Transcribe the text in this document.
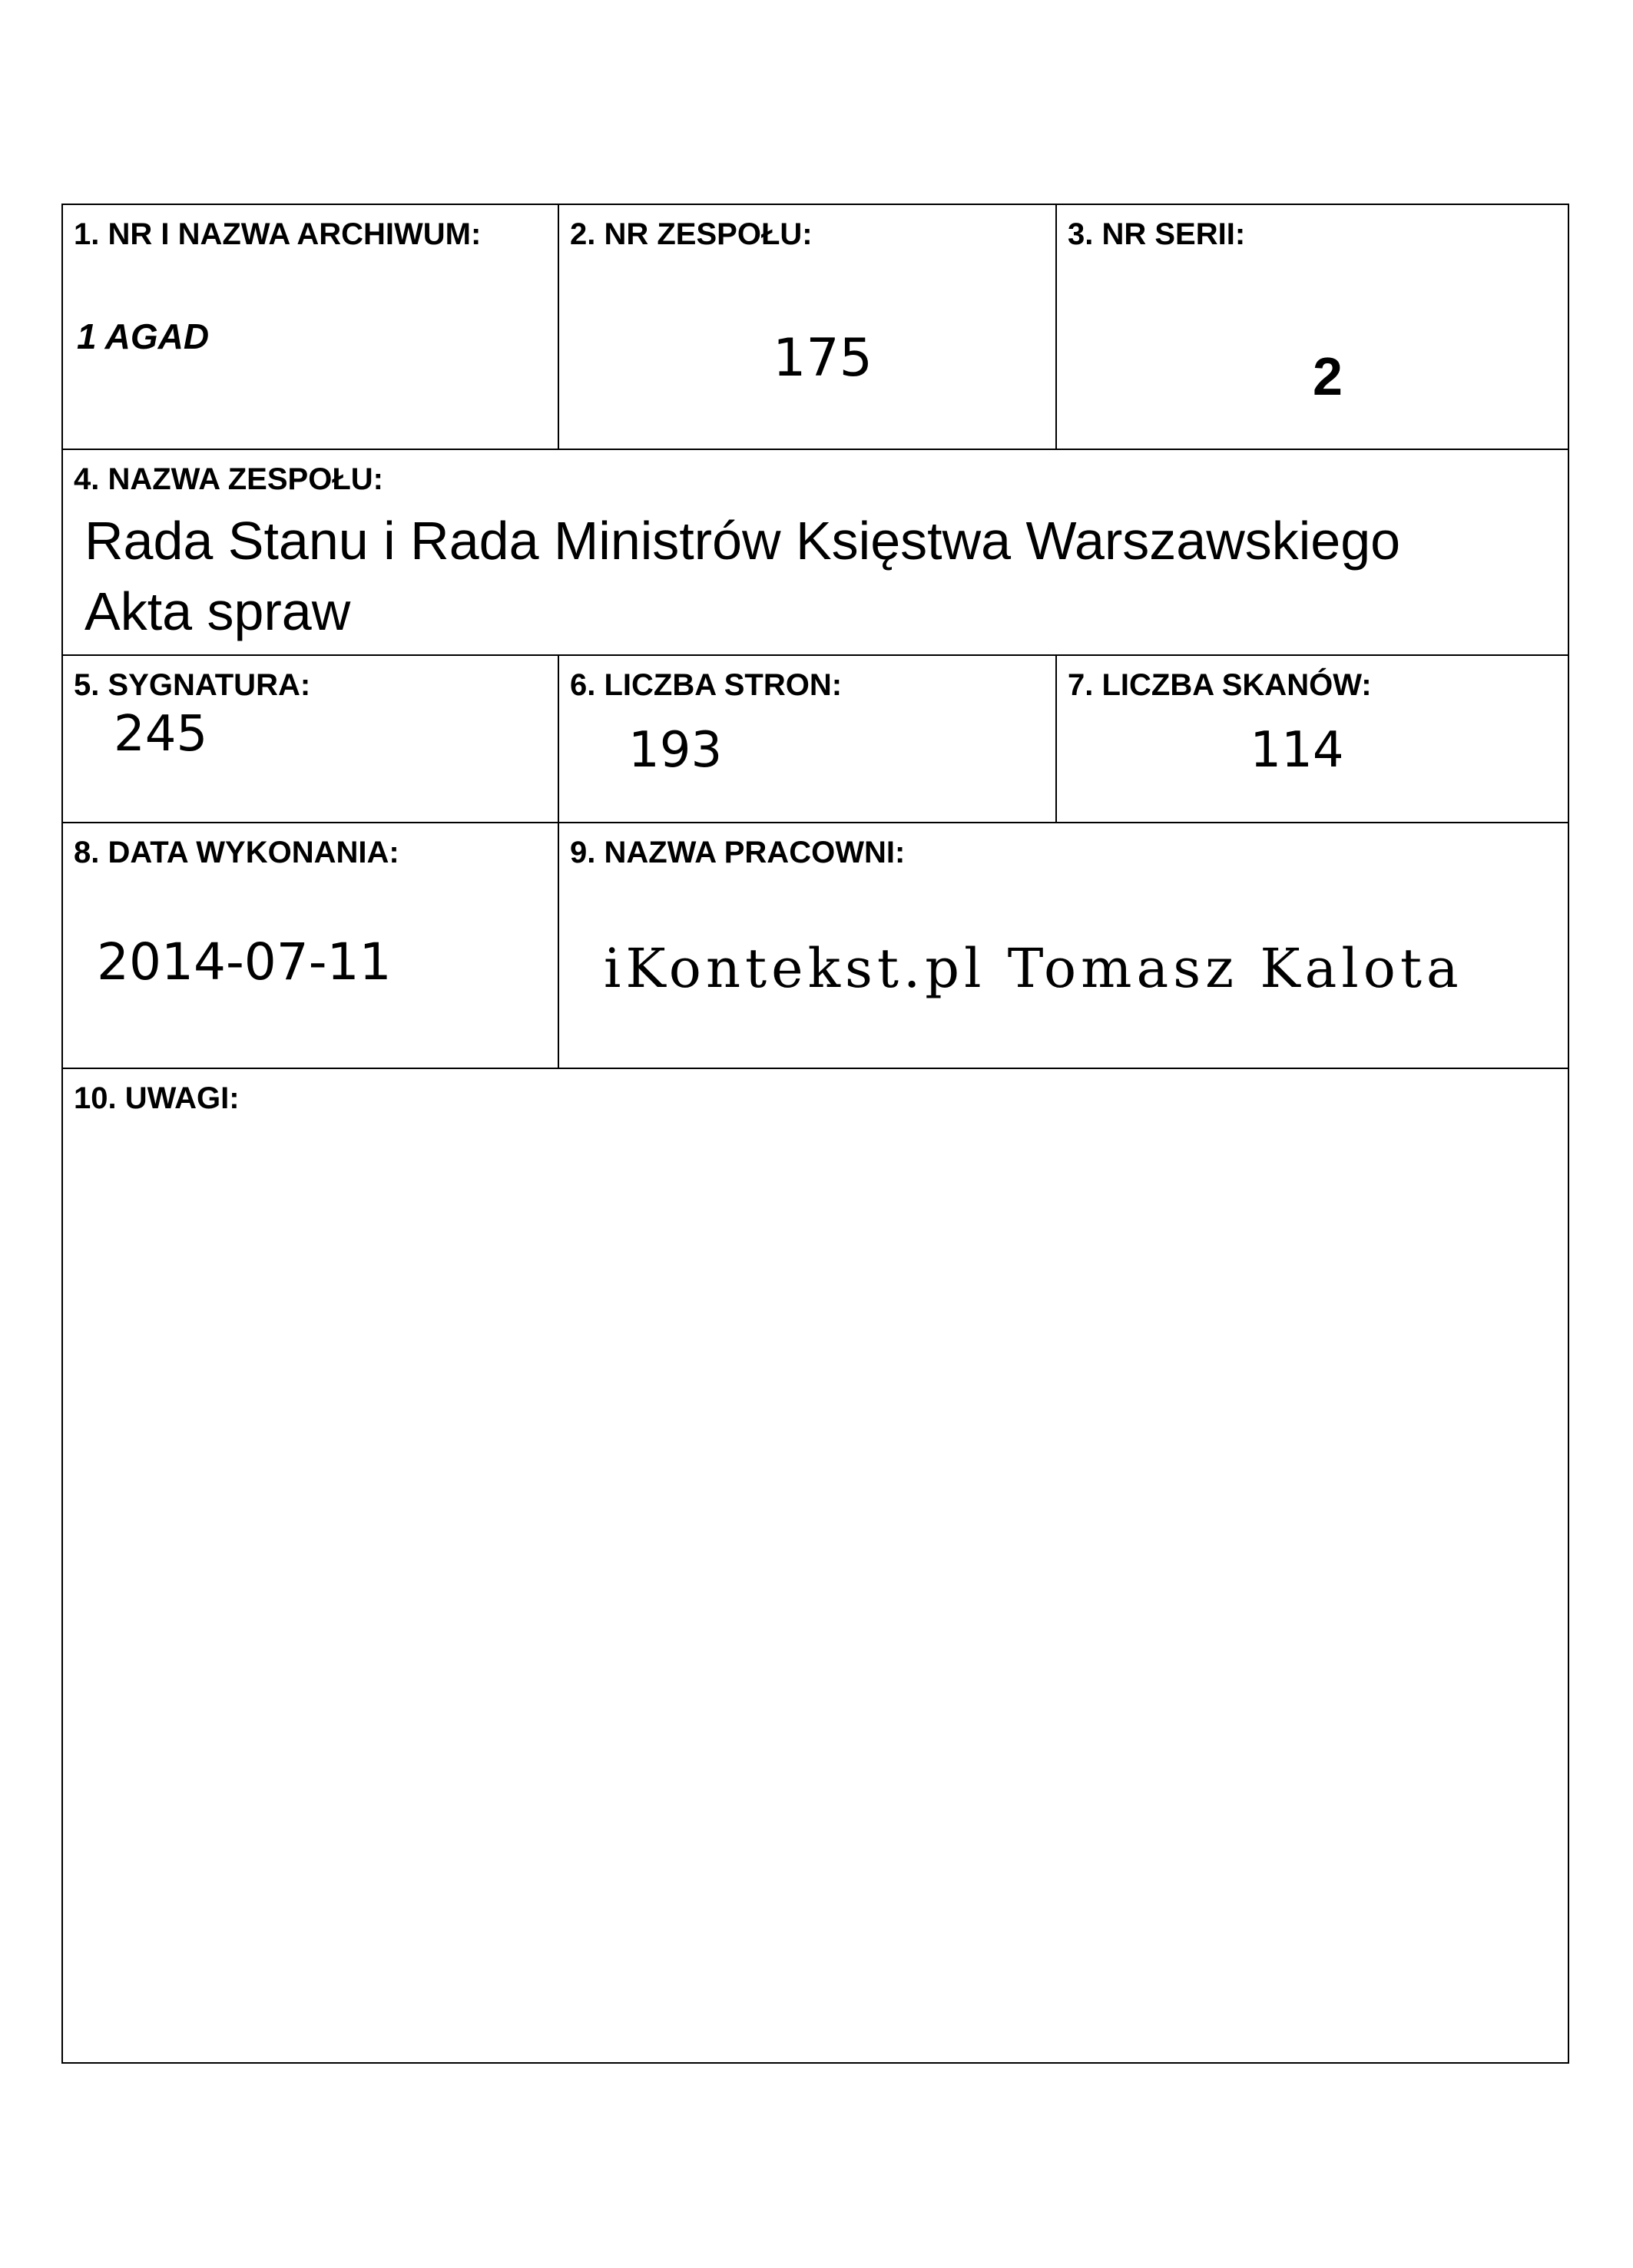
1. NR I NAZWA ARCHIWUM:
1 AGAD
2. NR ZESPOŁU:
175
3. NR SERII:
2
4. NAZWA ZESPOŁU:
Rada Stanu i Rada Ministrów Księstwa Warszawskiego
Akta spraw
5. SYGNATURA:
245
6. LICZBA STRON:
193
7. LICZBA SKANÓW:
114
8. DATA WYKONANIA:
2014-07-11
9. NAZWA PRACOWNI:
iKontekst.pl Tomasz Kalota
10. UWAGI:
